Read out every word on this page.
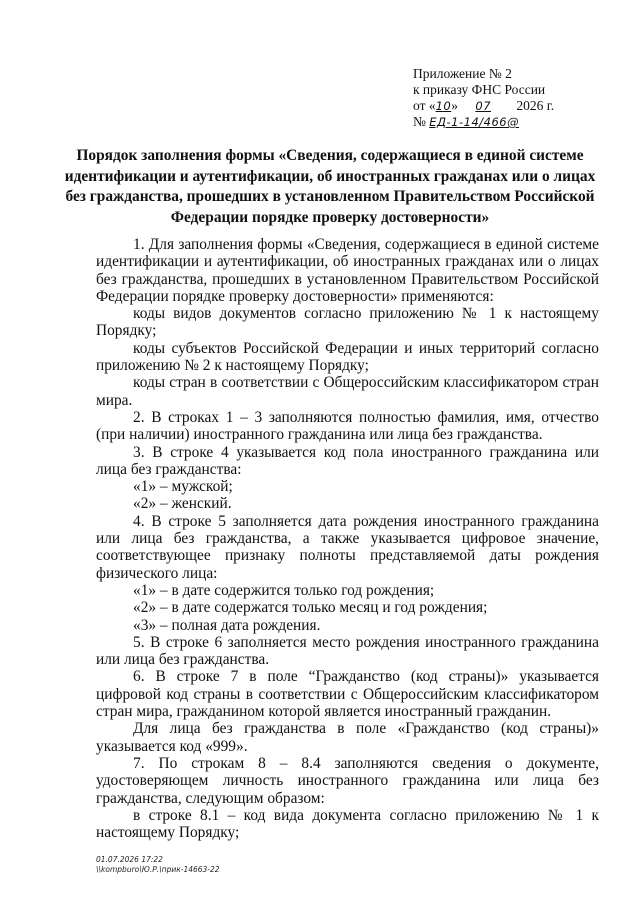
Приложение № 2
к приказу ФНС России
от «10» 07 2026 г.
№ ЕД-1-14/466@
Порядок заполнения формы «Сведения, содержащиеся в единой системе идентификации и аутентификации, об иностранных гражданах или о лицах без гражданства, прошедших в установленном Правительством Российской Федерации порядке проверку достоверности»

1. Для заполнения формы «Сведения, содержащиеся в единой системе идентификации и аутентификации, об иностранных гражданах или о лицах без гражданства, прошедших в установленном Правительством Российской Федерации порядке проверку достоверности» применяются:

коды видов документов согласно приложению № 1 к настоящему Порядку;

коды субъектов Российской Федерации и иных территорий согласно приложению № 2 к настоящему Порядку;

коды стран в соответствии с Общероссийским классификатором стран мира.

2. В строках 1 – 3 заполняются полностью фамилия, имя, отчество (при наличии) иностранного гражданина или лица без гражданства.

3. В строке 4 указывается код пола иностранного гражданина или лица без гражданства:

«1» – мужской;

«2» – женский.

4. В строке 5 заполняется дата рождения иностранного гражданина или лица без гражданства, а также указывается цифровое значение, соответствующее признаку полноты представляемой даты рождения физического лица:

«1» – в дате содержится только год рождения;

«2» – в дате содержатся только месяц и год рождения;

«3» – полная дата рождения.

5. В строке 6 заполняется место рождения иностранного гражданина или лица без гражданства.

6. В строке 7 в поле “Гражданство (код страны)» указывается цифровой код страны в соответствии с Общероссийским классификатором стран мира, гражданином которой является иностранный гражданин.

Для лица без гражданства в поле «Гражданство (код страны)» указывается код «999».

7. По строкам 8 – 8.4 заполняются сведения о документе, удостоверяющем личность иностранного гражданина или лица без гражданства, следующим образом:

в строке 8.1 – код вида документа согласно приложению № 1 к настоящему Порядку;

01.07.2026 17:22
\\kompburo\Ю.Р.\прик-14663-22
